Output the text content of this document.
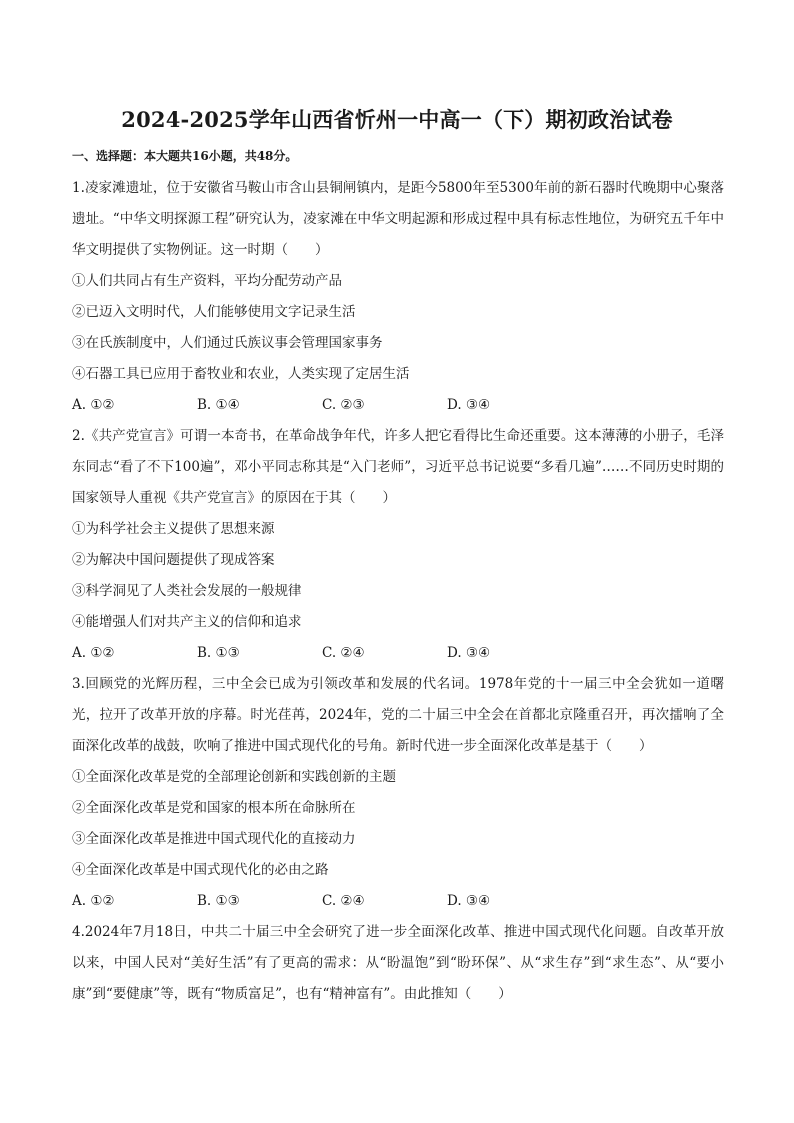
2024-2025学年山西省忻州一中高一（下）期初政治试卷
一、选择题：本大题共16小题，共48分。

1.凌家滩遗址，位于安徽省马鞍山市含山县铜闸镇内，是距今5800年至5300年前的新石器时代晚期中心聚落遗址。“中华文明探源工程”研究认为，凌家滩在中华文明起源和形成过程中具有标志性地位，为研究五千年中华文明提供了实物例证。这一时期（　　）

①人们共同占有生产资料，平均分配劳动产品

②已迈入文明时代，人们能够使用文字记录生活

③在氏族制度中，人们通过氏族议事会管理国家事务

④石器工具已应用于畜牧业和农业，人类实现了定居生活

A. ①②	B. ①④	C. ②③	D. ③④

2.《共产党宣言》可谓一本奇书，在革命战争年代，许多人把它看得比生命还重要。这本薄薄的小册子，毛泽东同志“看了不下100遍”，邓小平同志称其是“入门老师”，习近平总书记说要“多看几遍”……不同历史时期的国家领导人重视《共产党宣言》的原因在于其（　　）

①为科学社会主义提供了思想来源

②为解决中国问题提供了现成答案

③科学洞见了人类社会发展的一般规律

④能增强人们对共产主义的信仰和追求

A. ①②	B. ①③	C. ②④	D. ③④

3.回顾党的光辉历程，三中全会已成为引领改革和发展的代名词。1978年党的十一届三中全会犹如一道曙光，拉开了改革开放的序幕。时光荏苒，2024年，党的二十届三中全会在首都北京隆重召开，再次擂响了全面深化改革的战鼓，吹响了推进中国式现代化的号角。新时代进一步全面深化改革是基于（　　）

①全面深化改革是党的全部理论创新和实践创新的主题

②全面深化改革是党和国家的根本所在命脉所在

③全面深化改革是推进中国式现代化的直接动力

④全面深化改革是中国式现代化的必由之路

A. ①②	B. ①③	C. ②④	D. ③④

4.2024年7月18日，中共二十届三中全会研究了进一步全面深化改革、推进中国式现代化问题。自改革开放以来，中国人民对“美好生活”有了更高的需求：从“盼温饱”到“盼环保”、从“求生存”到“求生态”、从“要小康”到“要健康”等，既有“物质富足”，也有“精神富有”。由此推知（　　）
